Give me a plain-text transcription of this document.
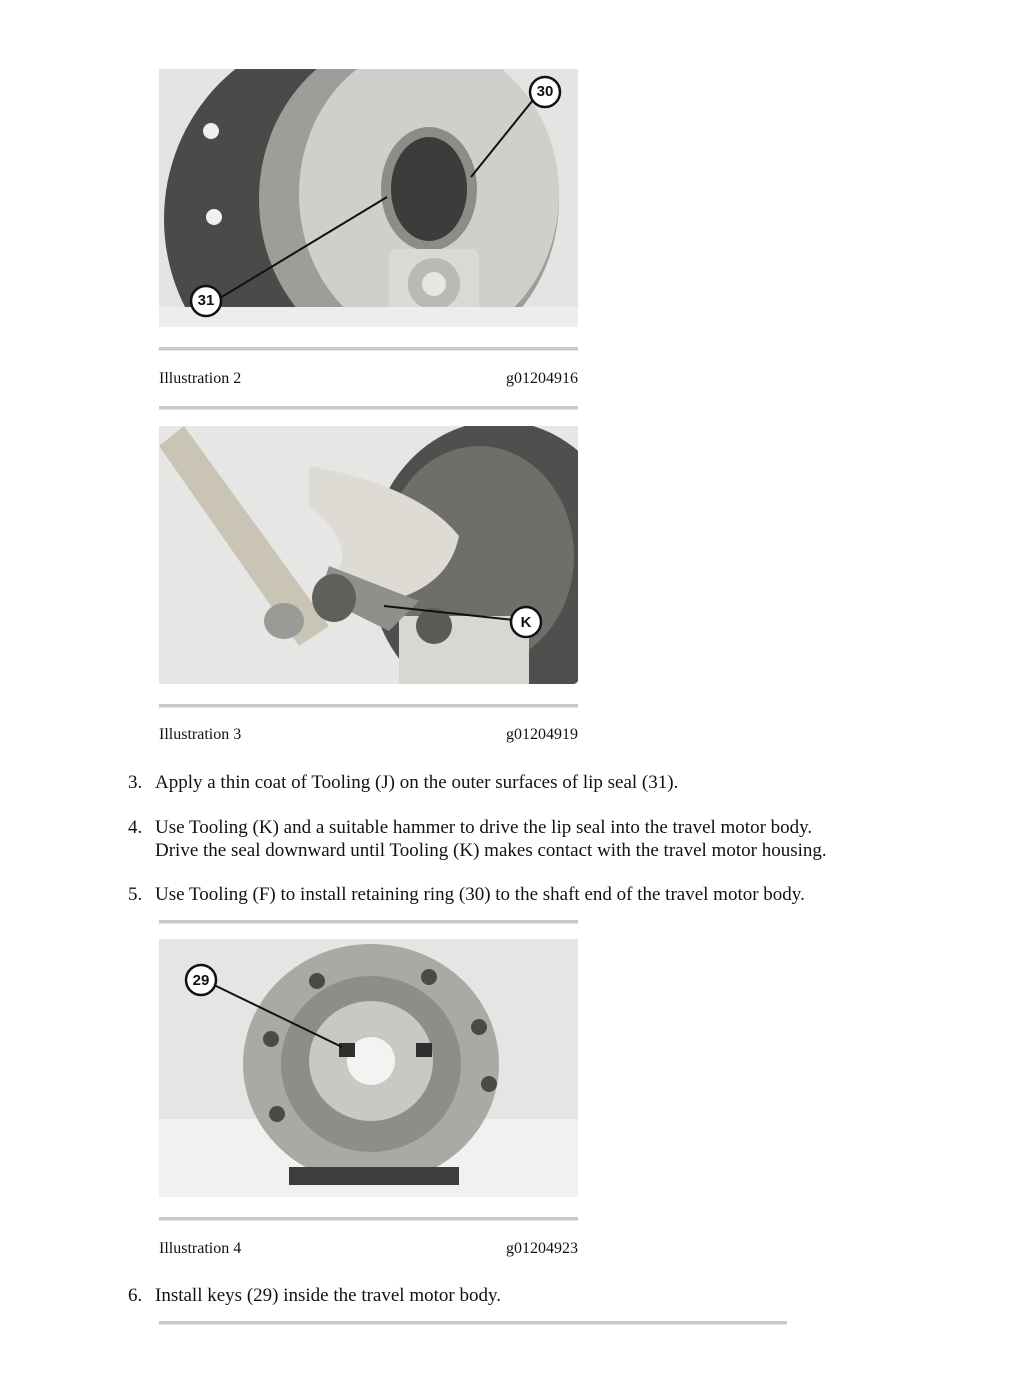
30
31
Illustration 2	g01204916
K
Illustration 3	g01204919
3. Apply a thin coat of Tooling (J) on the outer surfaces of lip seal (31).
4. Use Tooling (K) and a suitable hammer to drive the lip seal into the travel motor body.
Drive the seal downward until Tooling (K) makes contact with the travel motor housing.
5. Use Tooling (F) to install retaining ring (30) to the shaft end of the travel motor body.
29
Illustration 4	g01204923
6. Install keys (29) inside the travel motor body.
